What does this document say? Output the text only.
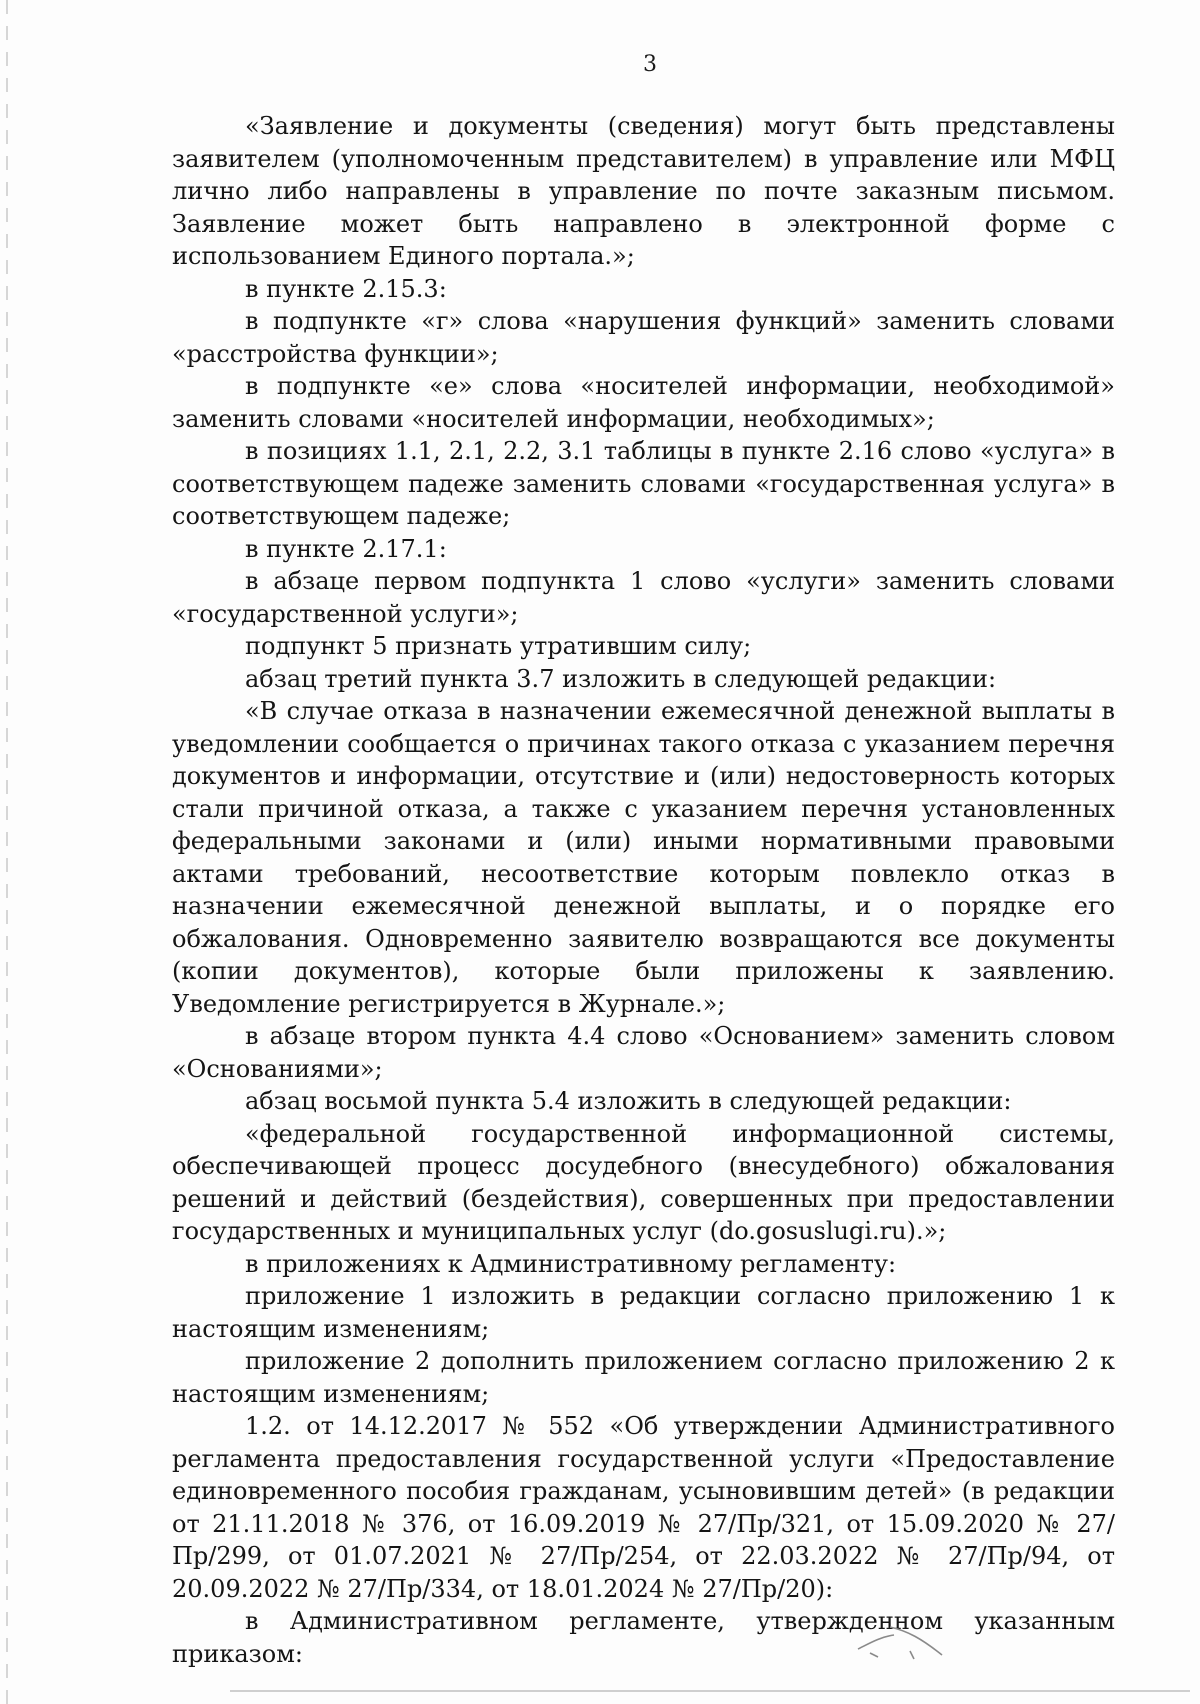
3

«Заявление и документы (сведения) могут быть представлены заявителем (уполномоченным представителем) в управление или МФЦ лично либо направлены в управление по почте заказным письмом. Заявление может быть направлено в электронной форме с использованием Единого портала.»;

в пункте 2.15.3:

в подпункте «г» слова «нарушения функций» заменить словами «расстройства функции»;

в подпункте «е» слова «носителей информации, необходимой» заменить словами «носителей информации, необходимых»;

в позициях 1.1, 2.1, 2.2, 3.1 таблицы в пункте 2.16 слово «услуга» в соответствующем падеже заменить словами «государственная услуга» в соответствующем падеже;

в пункте 2.17.1:

в абзаце первом подпункта 1 слово «услуги» заменить словами «государственной услуги»;

подпункт 5 признать утратившим силу;

абзац третий пункта 3.7 изложить в следующей редакции:

«В случае отказа в назначении ежемесячной денежной выплаты в уведомлении сообщается о причинах такого отказа с указанием перечня документов и информации, отсутствие и (или) недостоверность которых стали причиной отказа, а также с указанием перечня установленных федеральными законами и (или) иными нормативными правовыми актами требований, несоответствие которым повлекло отказ в назначении ежемесячной денежной выплаты, и о порядке его обжалования. Одновременно заявителю возвращаются все документы (копии документов), которые были приложены к заявлению. Уведомление регистрируется в Журнале.»;

в абзаце втором пункта 4.4 слово «Основанием» заменить словом «Основаниями»;

абзац восьмой пункта 5.4 изложить в следующей редакции:

«федеральной государственной информационной системы, обеспечивающей процесс досудебного (внесудебного) обжалования решений и действий (бездействия), совершенных при предоставлении государственных и муниципальных услуг (do.gosuslugi.ru).»;

в приложениях к Административному регламенту:

приложение 1 изложить в редакции согласно приложению 1 к настоящим изменениям;

приложение 2 дополнить приложением согласно приложению 2 к настоящим изменениям;

1.2. от 14.12.2017 № 552 «Об утверждении Административного регламента предоставления государственной услуги «Предоставление единовременного пособия гражданам, усыновившим детей» (в редакции от 21.11.2018 № 376, от 16.09.2019 № 27/Пр/321, от 15.09.2020 № 27/Пр/299, от 01.07.2021 № 27/Пр/254, от 22.03.2022 № 27/Пр/94, от 20.09.2022 № 27/Пр/334, от 18.01.2024 № 27/Пр/20):

в Административном регламенте, утвержденном указанным приказом:
